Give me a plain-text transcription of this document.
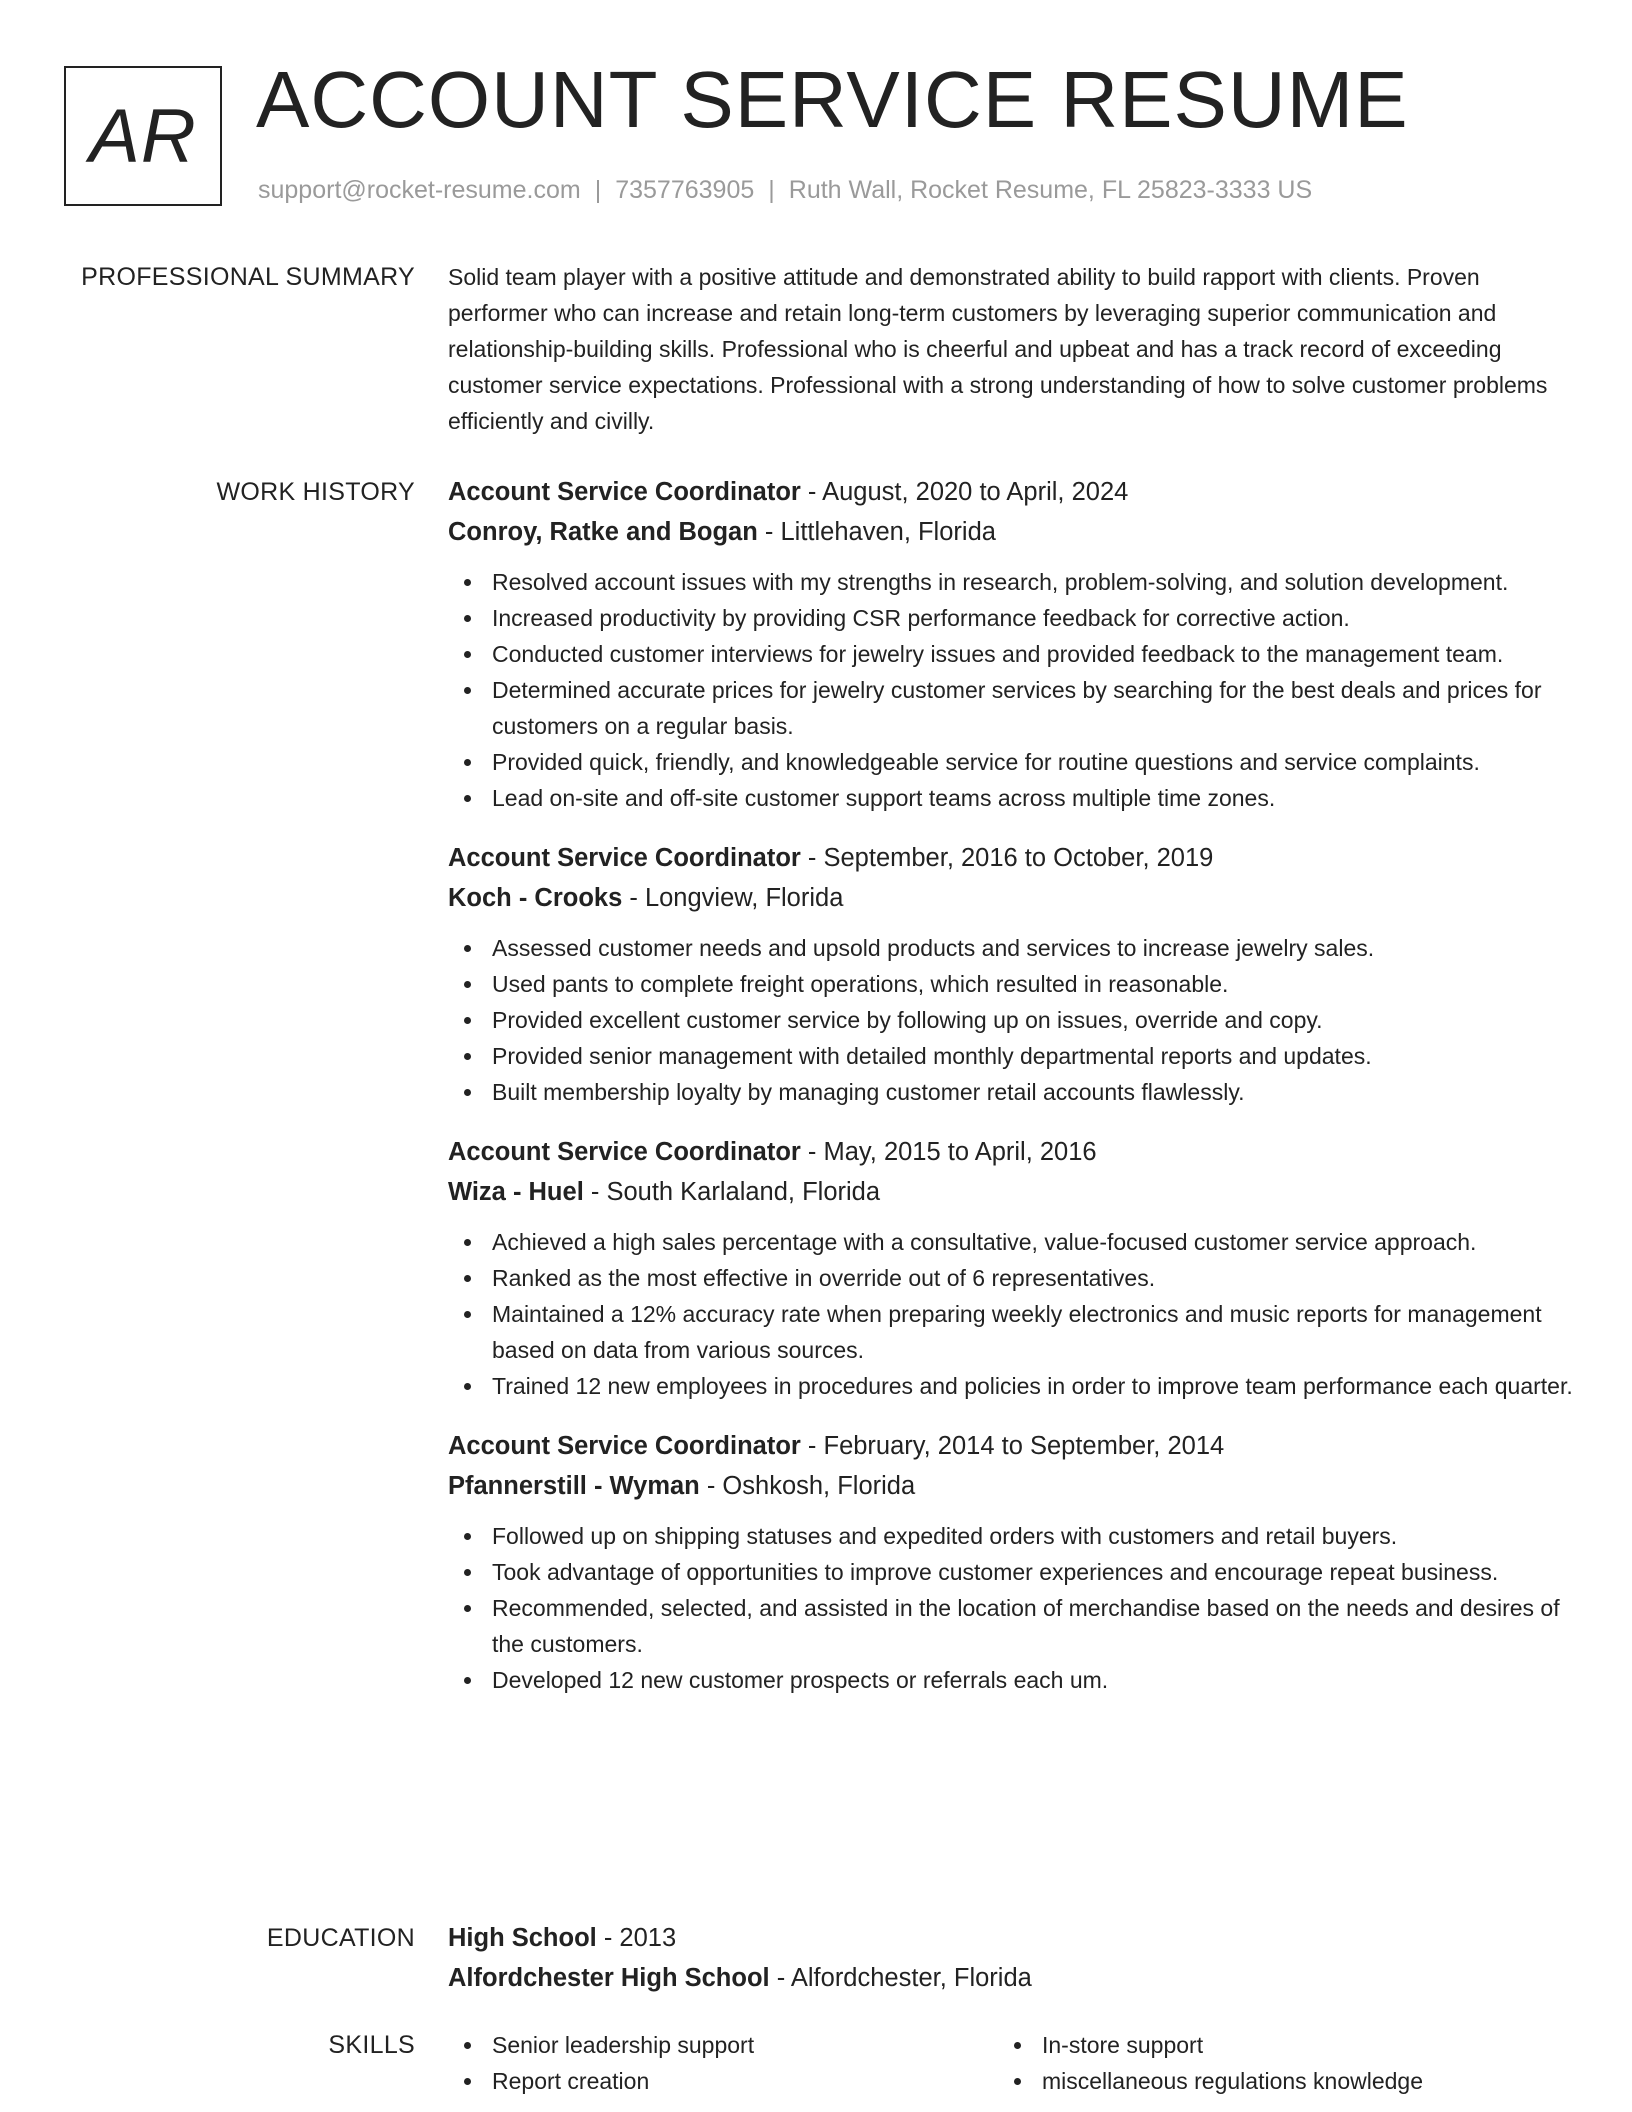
AR ACCOUNT SERVICE RESUME
support@rocket-resume.com | 7357763905 | Ruth Wall, Rocket Resume, FL 25823-3333 US
PROFESSIONAL SUMMARY Solid team player with a positive attitude and demonstrated ability to build rapport with clients. Proven performer who can increase and retain long-term customers by leveraging superior communication and relationship-building skills. Professional who is cheerful and upbeat and has a track record of exceeding customer service expectations. Professional with a strong understanding of how to solve customer problems efficiently and civilly.

WORK HISTORY Account Service Coordinator - August, 2020 to April, 2024
Conroy, Ratke and Bogan - Littlehaven, Florida
Resolved account issues with my strengths in research, problem-solving, and solution development.
Increased productivity by providing CSR performance feedback for corrective action.
Conducted customer interviews for jewelry issues and provided feedback to the management team.
Determined accurate prices for jewelry customer services by searching for the best deals and prices for customers on a regular basis.
Provided quick, friendly, and knowledgeable service for routine questions and service complaints.
Lead on-site and off-site customer support teams across multiple time zones.
Account Service Coordinator - September, 2016 to October, 2019
Koch - Crooks - Longview, Florida
Assessed customer needs and upsold products and services to increase jewelry sales.
Used pants to complete freight operations, which resulted in reasonable.
Provided excellent customer service by following up on issues, override and copy.
Provided senior management with detailed monthly departmental reports and updates.
Built membership loyalty by managing customer retail accounts flawlessly.
Account Service Coordinator - May, 2015 to April, 2016
Wiza - Huel - South Karlaland, Florida
Achieved a high sales percentage with a consultative, value-focused customer service approach.
Ranked as the most effective in override out of 6 representatives.
Maintained a 12% accuracy rate when preparing weekly electronics and music reports for management based on data from various sources.
Trained 12 new employees in procedures and policies in order to improve team performance each quarter.
Account Service Coordinator - February, 2014 to September, 2014
Pfannerstill - Wyman - Oshkosh, Florida
Followed up on shipping statuses and expedited orders with customers and retail buyers.
Took advantage of opportunities to improve customer experiences and encourage repeat business.
Recommended, selected, and assisted in the location of merchandise based on the needs and desires of the customers.
Developed 12 new customer prospects or referrals each um.
EDUCATION High School - 2013
Alfordchester High School - Alfordchester, Florida
SKILLS	Senior leadership support
Report creation
In-store support
miscellaneous regulations knowledge
